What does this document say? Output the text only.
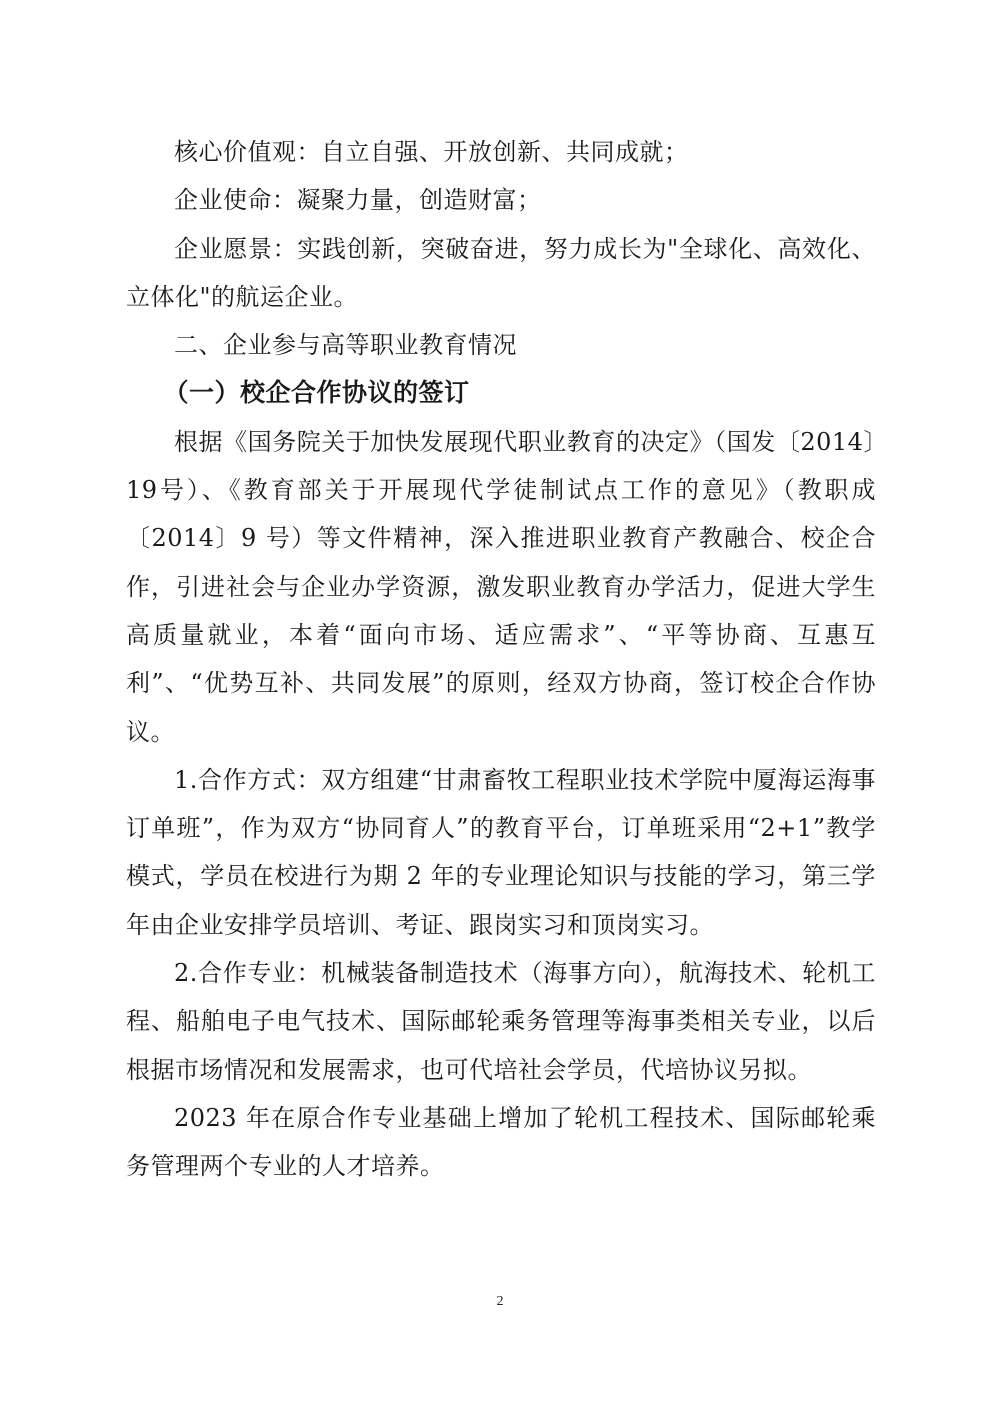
核心价值观：自立自强、开放创新、共同成就；

企业使命：凝聚力量，创造财富；

企业愿景：实践创新，突破奋进，努力成长为"全球化、高效化、立体化"的航运企业。

二、企业参与高等职业教育情况

（一）校企合作协议的签订

根据《国务院关于加快发展现代职业教育的决定》（国发〔2014〕19号）、《教育部关于开展现代学徒制试点工作的意见》（教职成〔2014〕9 号）等文件精神，深入推进职业教育产教融合、校企合作，引进社会与企业办学资源，激发职业教育办学活力，促进大学生高质量就业，本着“面向市场、适应需求”、“平等协商、互惠互利”、“优势互补、共同发展”的原则，经双方协商，签订校企合作协议。

1.合作方式：双方组建“甘肃畜牧工程职业技术学院中厦海运海事订单班”，作为双方“协同育人”的教育平台，订单班采用“2+1”教学模式，学员在校进行为期 2 年的专业理论知识与技能的学习，第三学年由企业安排学员培训、考证、跟岗实习和顶岗实习。

2.合作专业：机械装备制造技术（海事方向），航海技术、轮机工程、船舶电子电气技术、国际邮轮乘务管理等海事类相关专业，以后根据市场情况和发展需求，也可代培社会学员，代培协议另拟。

2023 年在原合作专业基础上增加了轮机工程技术、国际邮轮乘务管理两个专业的人才培养。

2
